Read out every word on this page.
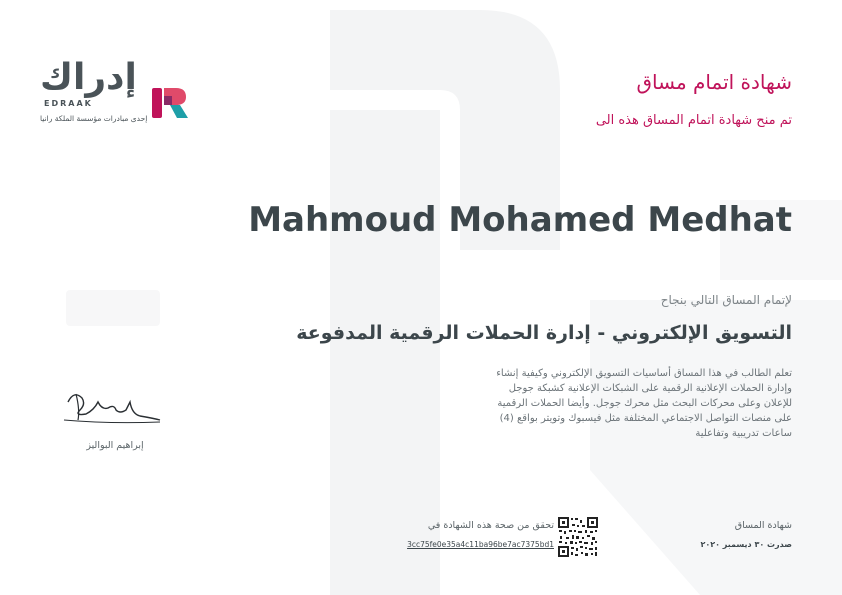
إدراك
EDRAAK
إحدى مبادرات مؤسسة الملكة رانيا
شهادة اتمام مساق
تم منح شهادة اتمام المساق هذه الى
Mahmoud Mohamed Medhat
لإتمام المساق التالي بنجاح
التسويق الإلكتروني - إدارة الحملات الرقمية المدفوعة
تعلم الطالب في هذا المساق أساسيات التسويق الإلكتروني وكيفية إنشاء وإدارة الحملات الإعلانية الرقمية على الشبكات الإعلانية كشبكة جوجل للإعلان وعلى محركات البحث مثل محرك جوجل. وأيضا الحملات الرقمية على منصات التواصل الاجتماعي المختلفة مثل فيسبوك وتويتر بواقع (4) ساعات تدريبية وتفاعلية
إبراهيم البواليز
تحقق من صحة هذه الشهادة في
3cc75fe0e35a4c11ba96be7ac7375bd1
شهادة المساق
صدرت ٣٠ ديسمبر ٢٠٢٠
